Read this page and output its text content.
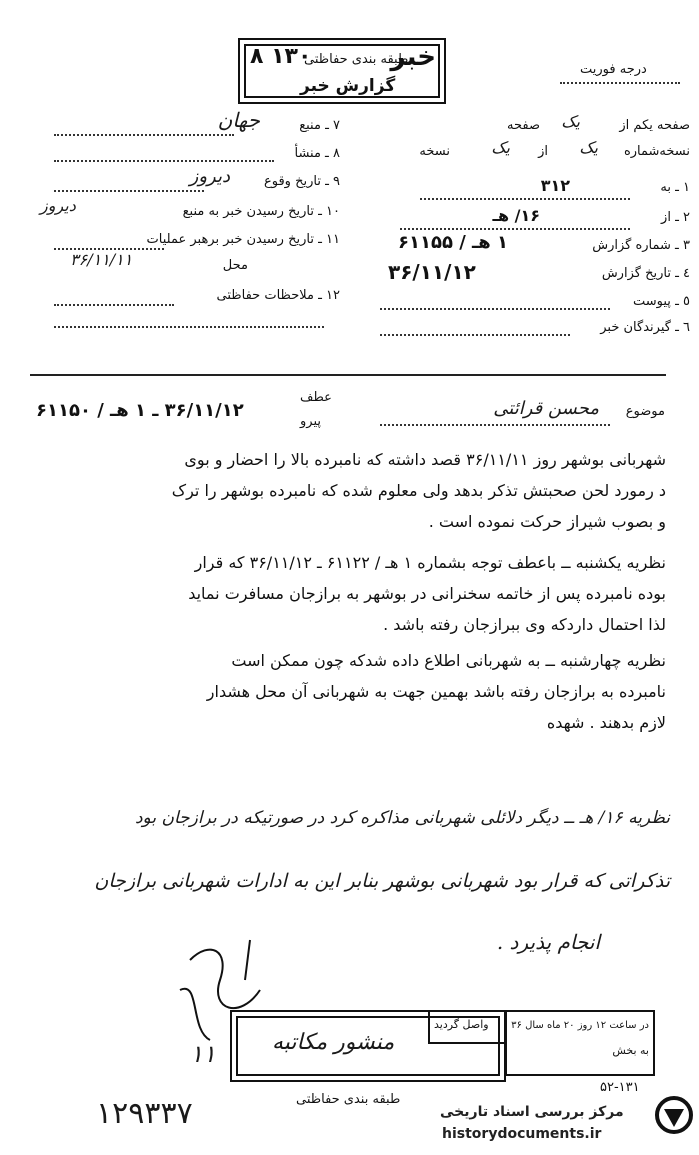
خبر
۸ ۱۳۰
طبقه بندی حفاظتی
گزارش خبر
درجه فوریت
صفحه یکم از
یک
صفحه
نسخه‌شماره
یک
از
یک
نسخه
۱ ـ به
۳۱۲
۲ ـ از
۱۶/ هـ
۳ ـ شماره گزارش
۱ هـ / ۶۱۱۵۵
٤ ـ تاریخ گزارش
۳۶/۱۱/۱۲
٥ ـ پیوست
٦ ـ گیرندگان خبر
۷ ـ منبع
جهان
۸ ـ منشأ
۹ ـ تاریخ وقوع
دیروز
۱۰ ـ تاریخ رسیدن خبر به منبع
دیروز
۱۱ ـ تاریخ رسیدن خبر برهبر عملیات
محل
۳۶/۱۱/۱۱
۱۲ ـ ملاحظات حفاظتی
موضوع
محسن قرائتی
عطف
پیرو
۳۶/۱۱/۱۲ ـ ۱ هـ / ۶۱۱۵۰
شهربانی بوشهر روز ۳۶/۱۱/۱۱ قصد داشته که نامبرده بالا را احضار و بوی
د رمورد لحن صحبتش تذکر بدهد ولی معلوم شده که نامبرده بوشهر را ترک
و بصوب شیراز حرکت نموده است .
نظریه یکشنبه ــ باعطف توجه بشماره ۱ هـ / ۶۱۱۲۲ ـ ۳۶/۱۱/۱۲ که قرار
بوده نامبرده پس از خاتمه سخنرانی در بوشهر به برازجان مسافرت نماید
لذا احتمال داردکه وی ببرازجان رفته باشد .
نظریه چهارشنبه ــ به شهربانی اطلاع داده شدکه چون ممکن است
نامبرده به برازجان رفته باشد بهمین جهت به شهربانی آن محل هشدار
لازم بدهند . شهده
نظریه ۱۶/ هـ ــ دیگر دلائلی شهربانی مذاکره کرد در صورتیکه در برازجان بود
تذکراتی که قرار بود شهربانی بوشهر بنابر این به ادارات شهربانی برازجان
انجام پذیرد .
۱۱	منشور مکاتبه
واصل گردید در ساعت ۱۲ روز ۲۰ ماه سال ۳۶
به بخش
طبقه بندی حفاظتی
۵۲-۱۳۱
۱۲۹۳۳۷	مرکز بررسی اسناد تاریخی
historydocuments.ir
